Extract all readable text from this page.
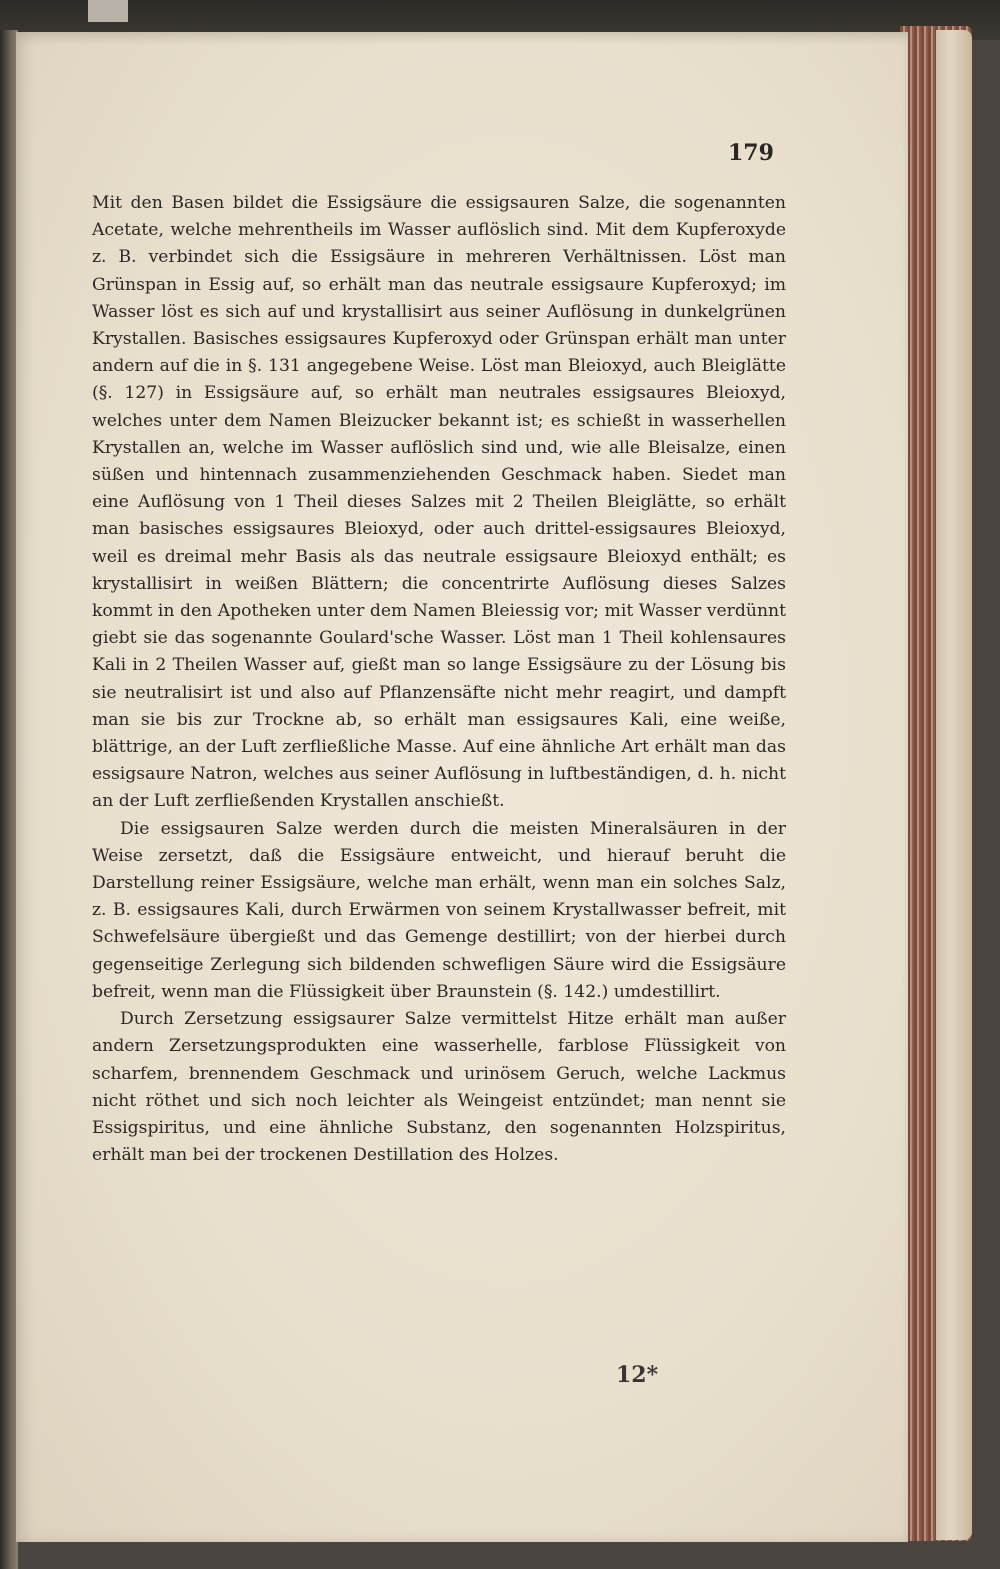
179

Mit den Basen bildet die Essigsäure die essigsauren Salze, die sogenannten Acetate, welche mehrentheils im Wasser auflöslich sind. Mit dem Kupferoxyde z. B. verbindet sich die Essigsäure in mehreren Verhältnissen. Löst man Grünspan in Essig auf, so erhält man das neutrale essigsaure Kupferoxyd; im Wasser löst es sich auf und krystallisirt aus seiner Auflösung in dunkelgrünen Krystallen. Basisches essigsaures Kupferoxyd oder Grünspan erhält man unter andern auf die in §. 131 angegebene Weise. Löst man Bleioxyd, auch Bleiglätte (§. 127) in Essigsäure auf, so erhält man neutrales essigsaures Bleioxyd, welches unter dem Namen Bleizucker bekannt ist; es schießt in wasserhellen Krystallen an, welche im Wasser auflöslich sind und, wie alle Bleisalze, einen süßen und hintennach zusammenziehenden Geschmack haben. Siedet man eine Auflösung von 1 Theil dieses Salzes mit 2 Theilen Bleiglätte, so erhält man basisches essigsaures Bleioxyd, oder auch drittel-essigsaures Bleioxyd, weil es dreimal mehr Basis als das neutrale essigsaure Bleioxyd enthält; es krystallisirt in weißen Blättern; die concentrirte Auflösung dieses Salzes kommt in den Apotheken unter dem Namen Bleiessig vor; mit Wasser verdünnt giebt sie das sogenannte Goulard'sche Wasser. Löst man 1 Theil kohlensaures Kali in 2 Theilen Wasser auf, gießt man so lange Essigsäure zu der Lösung bis sie neutralisirt ist und also auf Pflanzensäfte nicht mehr reagirt, und dampft man sie bis zur Trockne ab, so erhält man essigsaures Kali, eine weiße, blättrige, an der Luft zerfließliche Masse. Auf eine ähnliche Art erhält man das essigsaure Natron, welches aus seiner Auflösung in luftbeständigen, d. h. nicht an der Luft zerfließenden Krystallen anschießt.

Die essigsauren Salze werden durch die meisten Mineralsäuren in der Weise zersetzt, daß die Essigsäure entweicht, und hierauf beruht die Darstellung reiner Essigsäure, welche man erhält, wenn man ein solches Salz, z. B. essigsaures Kali, durch Erwärmen von seinem Krystallwasser befreit, mit Schwefelsäure übergießt und das Gemenge destillirt; von der hierbei durch gegenseitige Zerlegung sich bildenden schwefligen Säure wird die Essigsäure befreit, wenn man die Flüssigkeit über Braunstein (§. 142.) umdestillirt.

Durch Zersetzung essigsaurer Salze vermittelst Hitze erhält man außer andern Zersetzungsprodukten eine wasserhelle, farblose Flüssigkeit von scharfem, brennendem Geschmack und urinösem Geruch, welche Lackmus nicht röthet und sich noch leichter als Weingeist entzündet; man nennt sie Essigspiritus, und eine ähnliche Substanz, den sogenannten Holzspiritus, erhält man bei der trockenen Destillation des Holzes.

12*
